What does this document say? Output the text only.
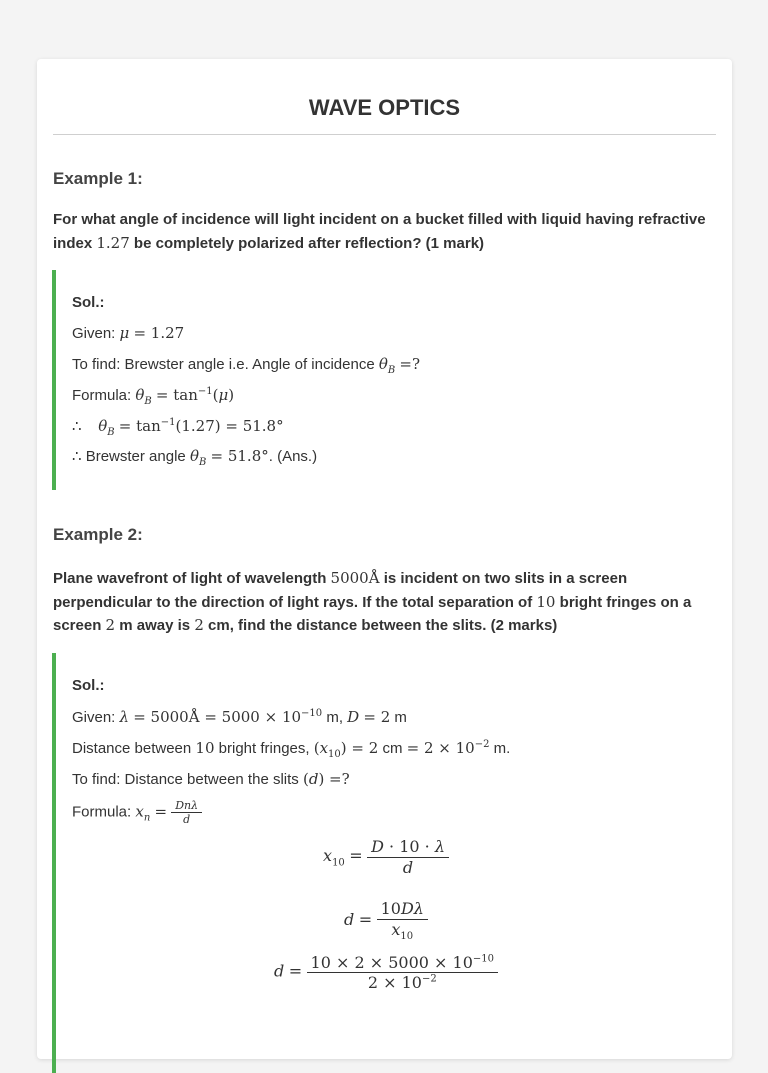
WAVE OPTICS
Example 1:
For what angle of incidence will light incident on a bucket filled with liquid having refractive index 1.27 be completely polarized after reflection? (1 mark)
Sol.:
Given: μ = 1.27
To find: Brewster angle i.e. Angle of incidence $\theta_B$ =?
Formula: $\theta_B = \tan^{-1}(\mu)$
∴ $\theta_B = \tan^{-1}(1.27) = 51.8^\circ$
∴ Brewster angle $\theta_B = 51.8^\circ$. (Ans.)
Example 2:
Plane wavefront of light of wavelength 5000Å is incident on two slits in a screen perpendicular to the direction of light rays. If the total separation of 10 bright fringes on a screen 2 m away is 2 cm, find the distance between the slits. (2 marks)
Sol.:
Given: λ = 5000Å = $5000 \times 10^{-10}$ m, D = 2 m
Distance between 10 bright fringes, $(x_{10}) = 2$ cm = $2 \times 10^{-2}$ m.
To find: Distance between the slits (d) =?
Formula: $x_n = \frac{\text{Dnλ}}{d}$
$x_{10} = \frac{D \cdot 10 \cdot \lambda}{d}$
$d = \frac{10D\lambda}{x_{10}}$
$d = \frac{10 \times 2 \times 5000 \times 10^{-10}}{2 \times 10^{-2}}$
